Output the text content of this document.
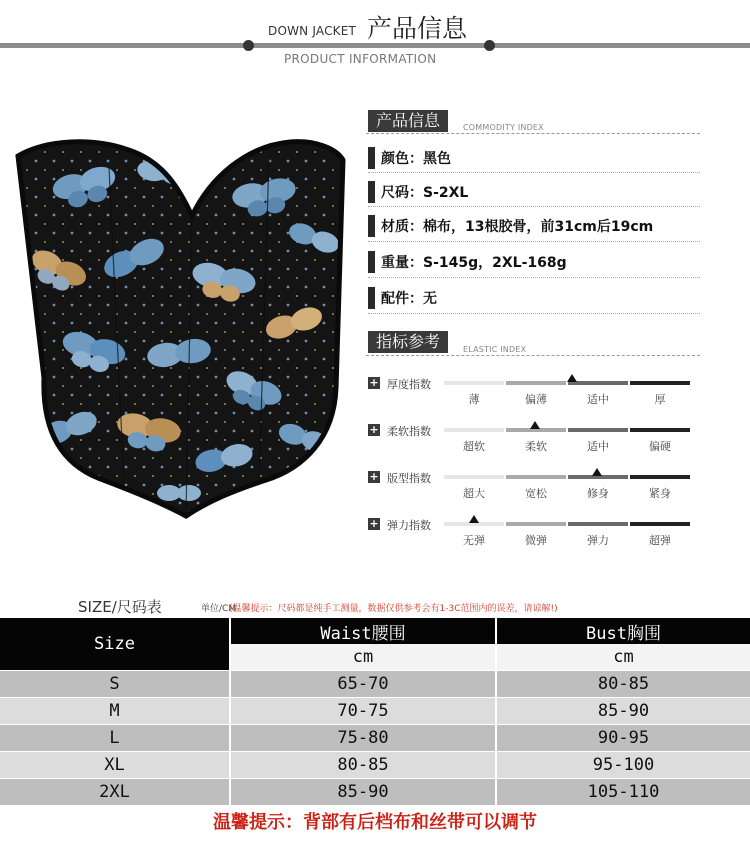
DOWN JACKET 产品信息
PRODUCT INFORMATION
产品信息	COMMODITY INDEX
颜色：黑色
尺码：S-2XL
材质：棉布，13根胶骨，前31cm后19cm
重量：S-145g，2XL-168g
配件：无
指标参考	ELASTIC INDEX
+ 厚度指数
薄	偏薄	适中	厚
+ 柔软指数
超软	柔软	适中	偏硬
+ 版型指数
超大	宽松	修身	紧身
+ 弹力指数
无弹	微弹	弹力	超弹
SIZE/尺码表	单位/CM
(温馨提示：尺码都是纯手工测量，数据仅供参考会有1-3C范围内的误差，请谅解!)
Size	Waist腰围	Bust胸围
	cm	cm
S	65-70	80-85
M	70-75	85-90
L	75-80	90-95
XL	80-85	95-100
2XL	85-90	105-110
温馨提示：背部有后档布和丝带可以调节
